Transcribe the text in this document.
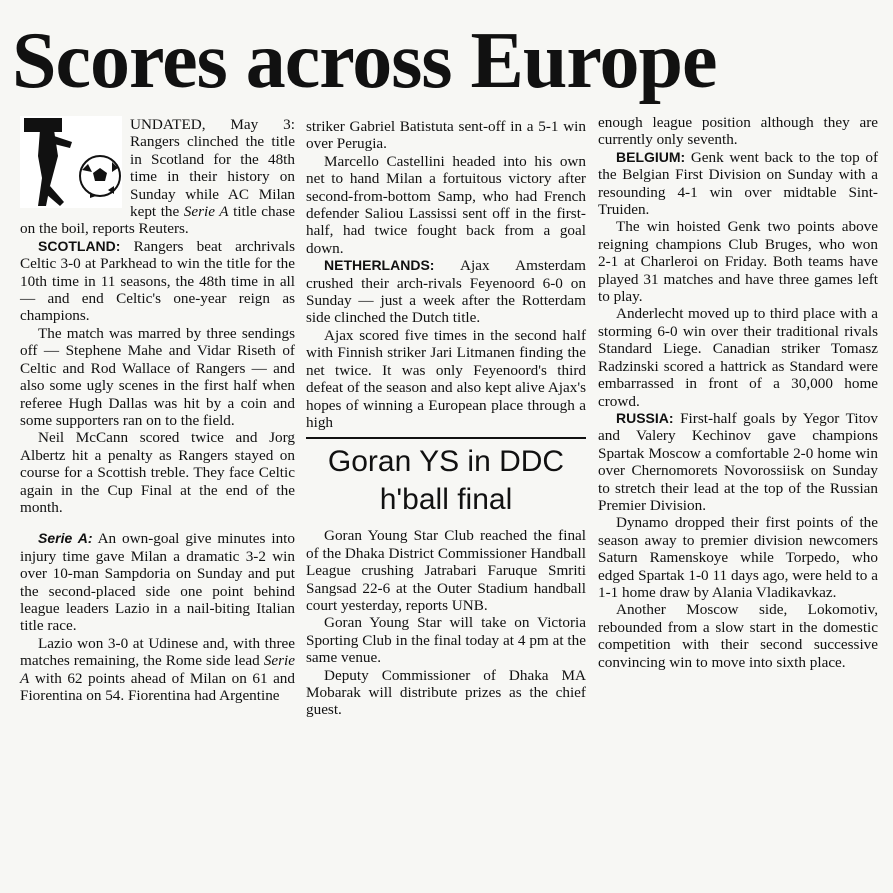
Scores across Europe

UNDATED, May 3: Rangers clinched the title in Scotland for the 48th time in their history on Sunday while AC Milan kept the Serie A title chase on the boil, reports Reuters.

SCOTLAND: Rangers beat archrivals Celtic 3-0 at Parkhead to win the title for the 10th time in 11 seasons, the 48th time in all — and end Celtic's one-year reign as champions.

The match was marred by three sendings off — Stephene Mahe and Vidar Riseth of Celtic and Rod Wallace of Rangers — and also some ugly scenes in the first half when referee Hugh Dallas was hit by a coin and some supporters ran on to the field.

Neil McCann scored twice and Jorg Albertz hit a penalty as Rangers stayed on course for a Scottish treble. They face Celtic again in the Cup Final at the end of the month.

Serie A: An own-goal give minutes into injury time gave Milan a dramatic 3-2 win over 10-man Sampdoria on Sunday and put the second-placed side one point behind league leaders Lazio in a nail-biting Italian title race.

Lazio won 3-0 at Udinese and, with three matches remaining, the Rome side lead Serie A with 62 points ahead of Milan on 61 and Fiorentina on 54. Fiorentina had Argentine

striker Gabriel Batistuta sent-off in a 5-1 win over Perugia.

Marcello Castellini headed into his own net to hand Milan a fortuitous victory after second-from-bottom Samp, who had French defender Saliou Lassissi sent off in the first-half, had twice fought back from a goal down.

NETHERLANDS: Ajax Amsterdam crushed their arch-rivals Feyenoord 6-0 on Sunday — just a week after the Rotterdam side clinched the Dutch title.

Ajax scored five times in the second half with Finnish striker Jari Litmanen finding the net twice. It was only Feyenoord's third defeat of the season and also kept alive Ajax's hopes of winning a European place through a high

Goran YS in DDC h'ball final

Goran Young Star Club reached the final of the Dhaka District Commissioner Handball League crushing Jatrabari Faruque Smriti Sangsad 22-6 at the Outer Stadium handball court yesterday, reports UNB.

Goran Young Star will take on Victoria Sporting Club in the final today at 4 pm at the same venue.

Deputy Commissioner of Dhaka MA Mobarak will distribute prizes as the chief guest.

enough league position although they are currently only seventh.

BELGIUM: Genk went back to the top of the Belgian First Division on Sunday with a resounding 4-1 win over midtable Sint-Truiden.

The win hoisted Genk two points above reigning champions Club Bruges, who won 2-1 at Charleroi on Friday. Both teams have played 31 matches and have three games left to play.

Anderlecht moved up to third place with a storming 6-0 win over their traditional rivals Standard Liege. Canadian striker Tomasz Radzinski scored a hattrick as Standard were embarrassed in front of a 30,000 home crowd.

RUSSIA: First-half goals by Yegor Titov and Valery Kechinov gave champions Spartak Moscow a comfortable 2-0 home win over Chernomorets Novorossiisk on Sunday to stretch their lead at the top of the Russian Premier Division.

Dynamo dropped their first points of the season away to premier division newcomers Saturn Ramenskoye while Torpedo, who edged Spartak 1-0 11 days ago, were held to a 1-1 home draw by Alania Vladikavkaz.

Another Moscow side, Lokomotiv, rebounded from a slow start in the domestic competition with their second successive convincing win to move into sixth place.
